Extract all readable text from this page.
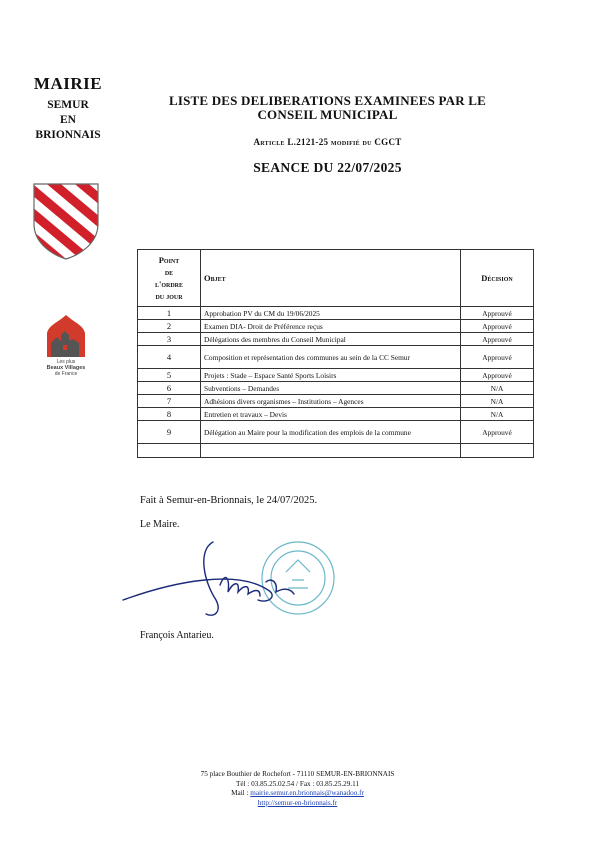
MAIRIE
SEMUR
EN
BRIONNAIS
Les plus
Beaux Villages
de France
LISTE DES DELIBERATIONS EXAMINEES PAR LE
CONSEIL MUNICIPAL
Article L.2121-25 modifié du CGCT
SEANCE DU 22/07/2025
Point
de
l'ordre
du jour	Objet	Décision
1	Approbation PV du CM du 19/06/2025	Approuvé
2	Examen DIA- Droit de Préférence reçus	Approuvé
3	Délégations des membres du Conseil Municipal	Approuvé
4	Composition et représentation des communes au sein de la CC Semur	Approuvé
5	Projets : Stade – Espace Santé Sports Loisirs	Approuvé
6	Subventions – Demandes	N/A
7	Adhésions divers organismes – Institutions – Agences	N/A
8	Entretien et travaux – Devis	N/A
9	Délégation au Maire pour la modification des emplois de la commune	Approuvé

Fait à Semur-en-Brionnais, le 24/07/2025.
Le Maire.
François Antarieu.
75 place Bouthier de Rochefort - 71110 SEMUR-EN-BRIONNAIS
Tél : 03.85.25.02.54 / Fax : 03.85.25.29.11
Mail : mairie.semur.en.brionnais@wanadoo.fr
http://semur-en-brionnais.fr
